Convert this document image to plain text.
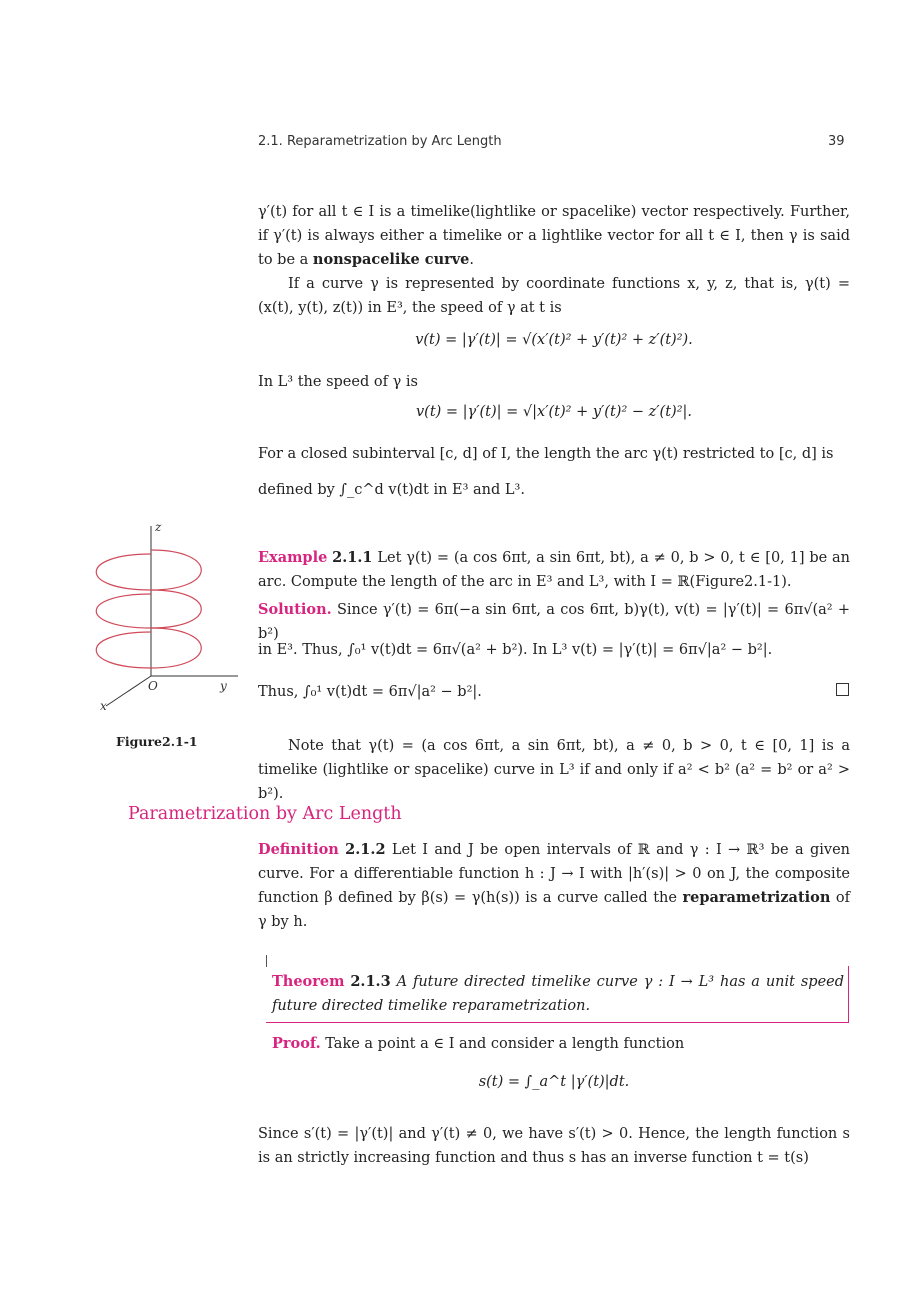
2.1. Reparametrization by Arc Length	39
γ′(t) for all t ∈ I is a timelike(lightlike or spacelike) vector respectively. Further, if γ′(t) is always either a timelike or a lightlike vector for all t ∈ I, then γ is said to be a nonspacelike curve.
If a curve γ is represented by coordinate functions x, y, z, that is, γ(t) = (x(t), y(t), z(t)) in E³, the speed of γ at t is
v(t) = |γ′(t)| = √(x′(t)² + y′(t)² + z′(t)²).
In L³ the speed of γ is
v(t) = |γ′(t)| = √|x′(t)² + y′(t)² − z′(t)²|.
For a closed subinterval [c, d] of I, the length the arc γ(t) restricted to [c, d] is
defined by ∫_c^d v(t)dt in E³ and L³.
z
y
x
O
Figure2.1-1
Example 2.1.1 Let γ(t) = (a cos 6πt, a sin 6πt, bt), a ≠ 0, b > 0, t ∈ [0, 1] be an arc. Compute the length of the arc in E³ and L³, with I = ℝ(Figure2.1-1).
Solution. Since γ′(t) = 6π(−a sin 6πt, a cos 6πt, b)γ(t), v(t) = |γ′(t)| = 6π√(a² + b²)
in E³. Thus, ∫₀¹ v(t)dt = 6π√(a² + b²). In L³ v(t) = |γ′(t)| = 6π√|a² − b²|.
Thus, ∫₀¹ v(t)dt = 6π√|a² − b²|.
Note that γ(t) = (a cos 6πt, a sin 6πt, bt), a ≠ 0, b > 0, t ∈ [0, 1] is a timelike (lightlike or spacelike) curve in L³ if and only if a² < b² (a² = b² or a² > b²).
Parametrization by Arc Length
Definition 2.1.2 Let I and J be open intervals of ℝ and γ : I → ℝ³ be a given curve. For a differentiable function h : J → I with |h′(s)| > 0 on J, the composite function β defined by β(s) = γ(h(s)) is a curve called the reparametrization of γ by h.
Theorem 2.1.3 A future directed timelike curve γ : I → L³ has a unit speed future directed timelike reparametrization.
Proof. Take a point a ∈ I and consider a length function
s(t) = ∫_a^t |γ′(t)|dt.
Since s′(t) = |γ′(t)| and γ′(t) ≠ 0, we have s′(t) > 0. Hence, the length function s is an strictly increasing function and thus s has an inverse function t = t(s)
